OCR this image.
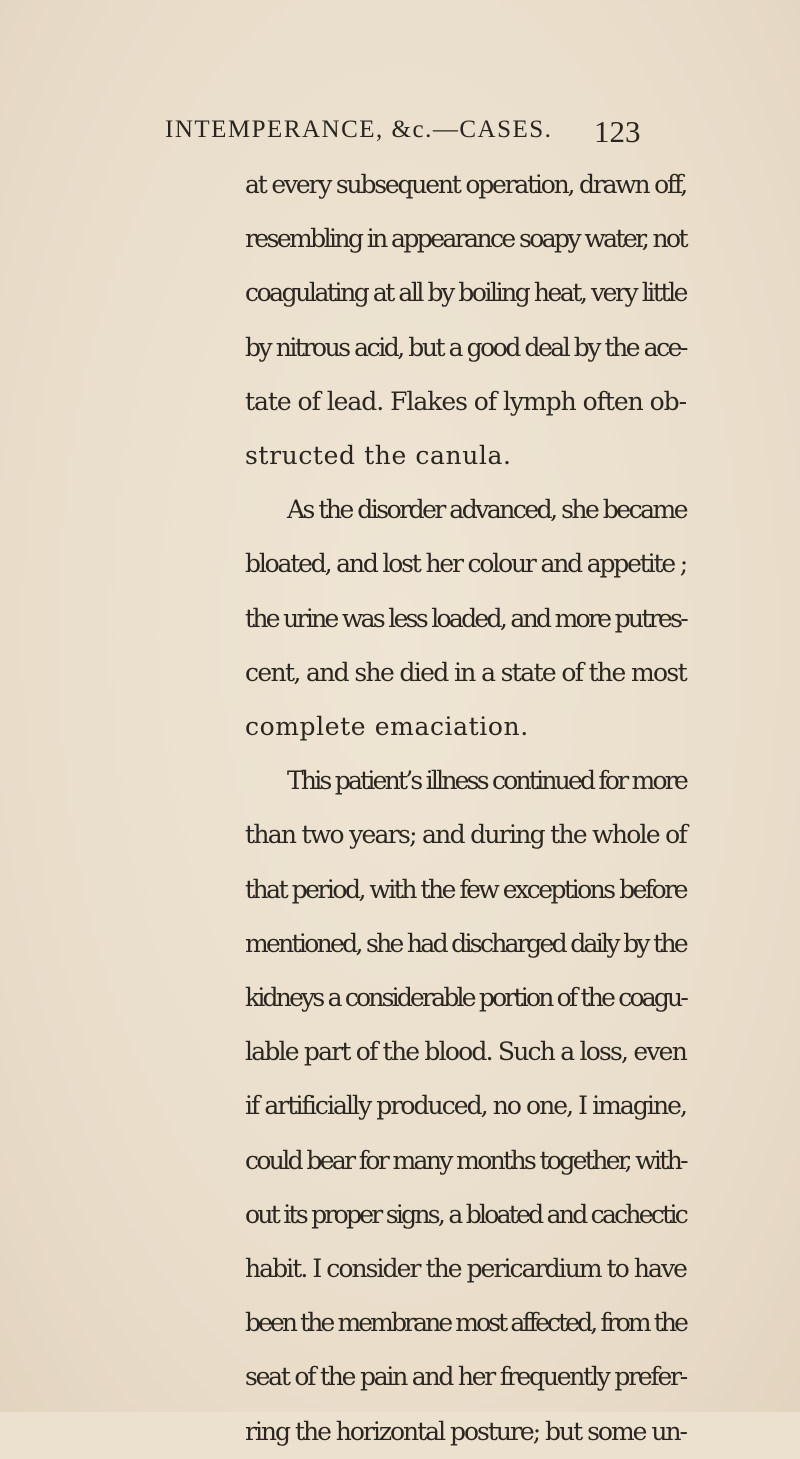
INTEMPERANCE, &c.—CASES. 123
at every subsequent operation, drawn off,
resembling in appearance soapy water, not
coagulating at all by boiling heat, very little
by nitrous acid, but a good deal by the ace-
tate of lead. Flakes of lymph often ob-
structed the canula.
As the disorder advanced, she became
bloated, and lost her colour and appetite ;
the urine was less loaded, and more putres-
cent, and she died in a state of the most
complete emaciation.
This patient’s illness continued for more
than two years; and during the whole of
that period, with the few exceptions before
mentioned, she had discharged daily by the
kidneys a considerable portion of the coagu-
lable part of the blood. Such a loss, even
if artificially produced, no one, I imagine,
could bear for many months together, with-
out its proper signs, a bloated and cachectic
habit. I consider the pericardium to have
been the membrane most affected, from the
seat of the pain and her frequently prefer-
ring the horizontal posture; but some un-
